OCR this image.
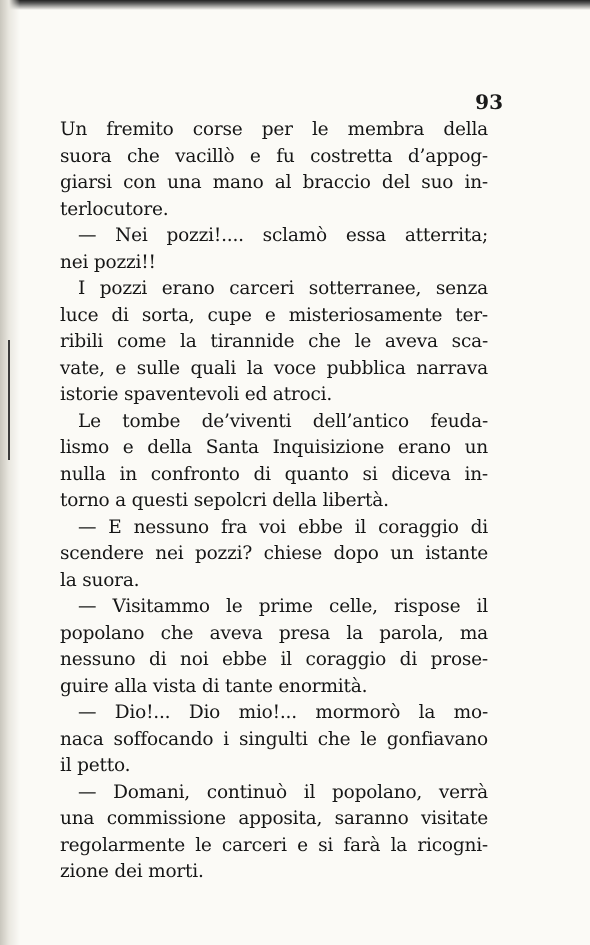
93

Un fremito corse per le membra della
suora che vacillò e fu costretta d’appog-
giarsi con una mano al braccio del suo in-
terlocutore.
— Nei pozzi!.... sclamò essa atterrita;
nei pozzi!!
I pozzi erano carceri sotterranee, senza
luce di sorta, cupe e misteriosamente ter-
ribili come la tirannide che le aveva sca-
vate, e sulle quali la voce pubblica narrava
istorie spaventevoli ed atroci.
Le tombe de’viventi dell’antico feuda-
lismo e della Santa Inquisizione erano un
nulla in confronto di quanto si diceva in-
torno a questi sepolcri della libertà.
— E nessuno fra voi ebbe il coraggio di
scendere nei pozzi? chiese dopo un istante
la suora.
— Visitammo le prime celle, rispose il
popolano che aveva presa la parola, ma
nessuno di noi ebbe il coraggio di prose-
guire alla vista di tante enormità.
— Dio!... Dio mio!... mormorò la mo-
naca soffocando i singulti che le gonfiavano
il petto.
— Domani, continuò il popolano, verrà
una commissione apposita, saranno visitate
regolarmente le carceri e si farà la ricogni-
zione dei morti.
